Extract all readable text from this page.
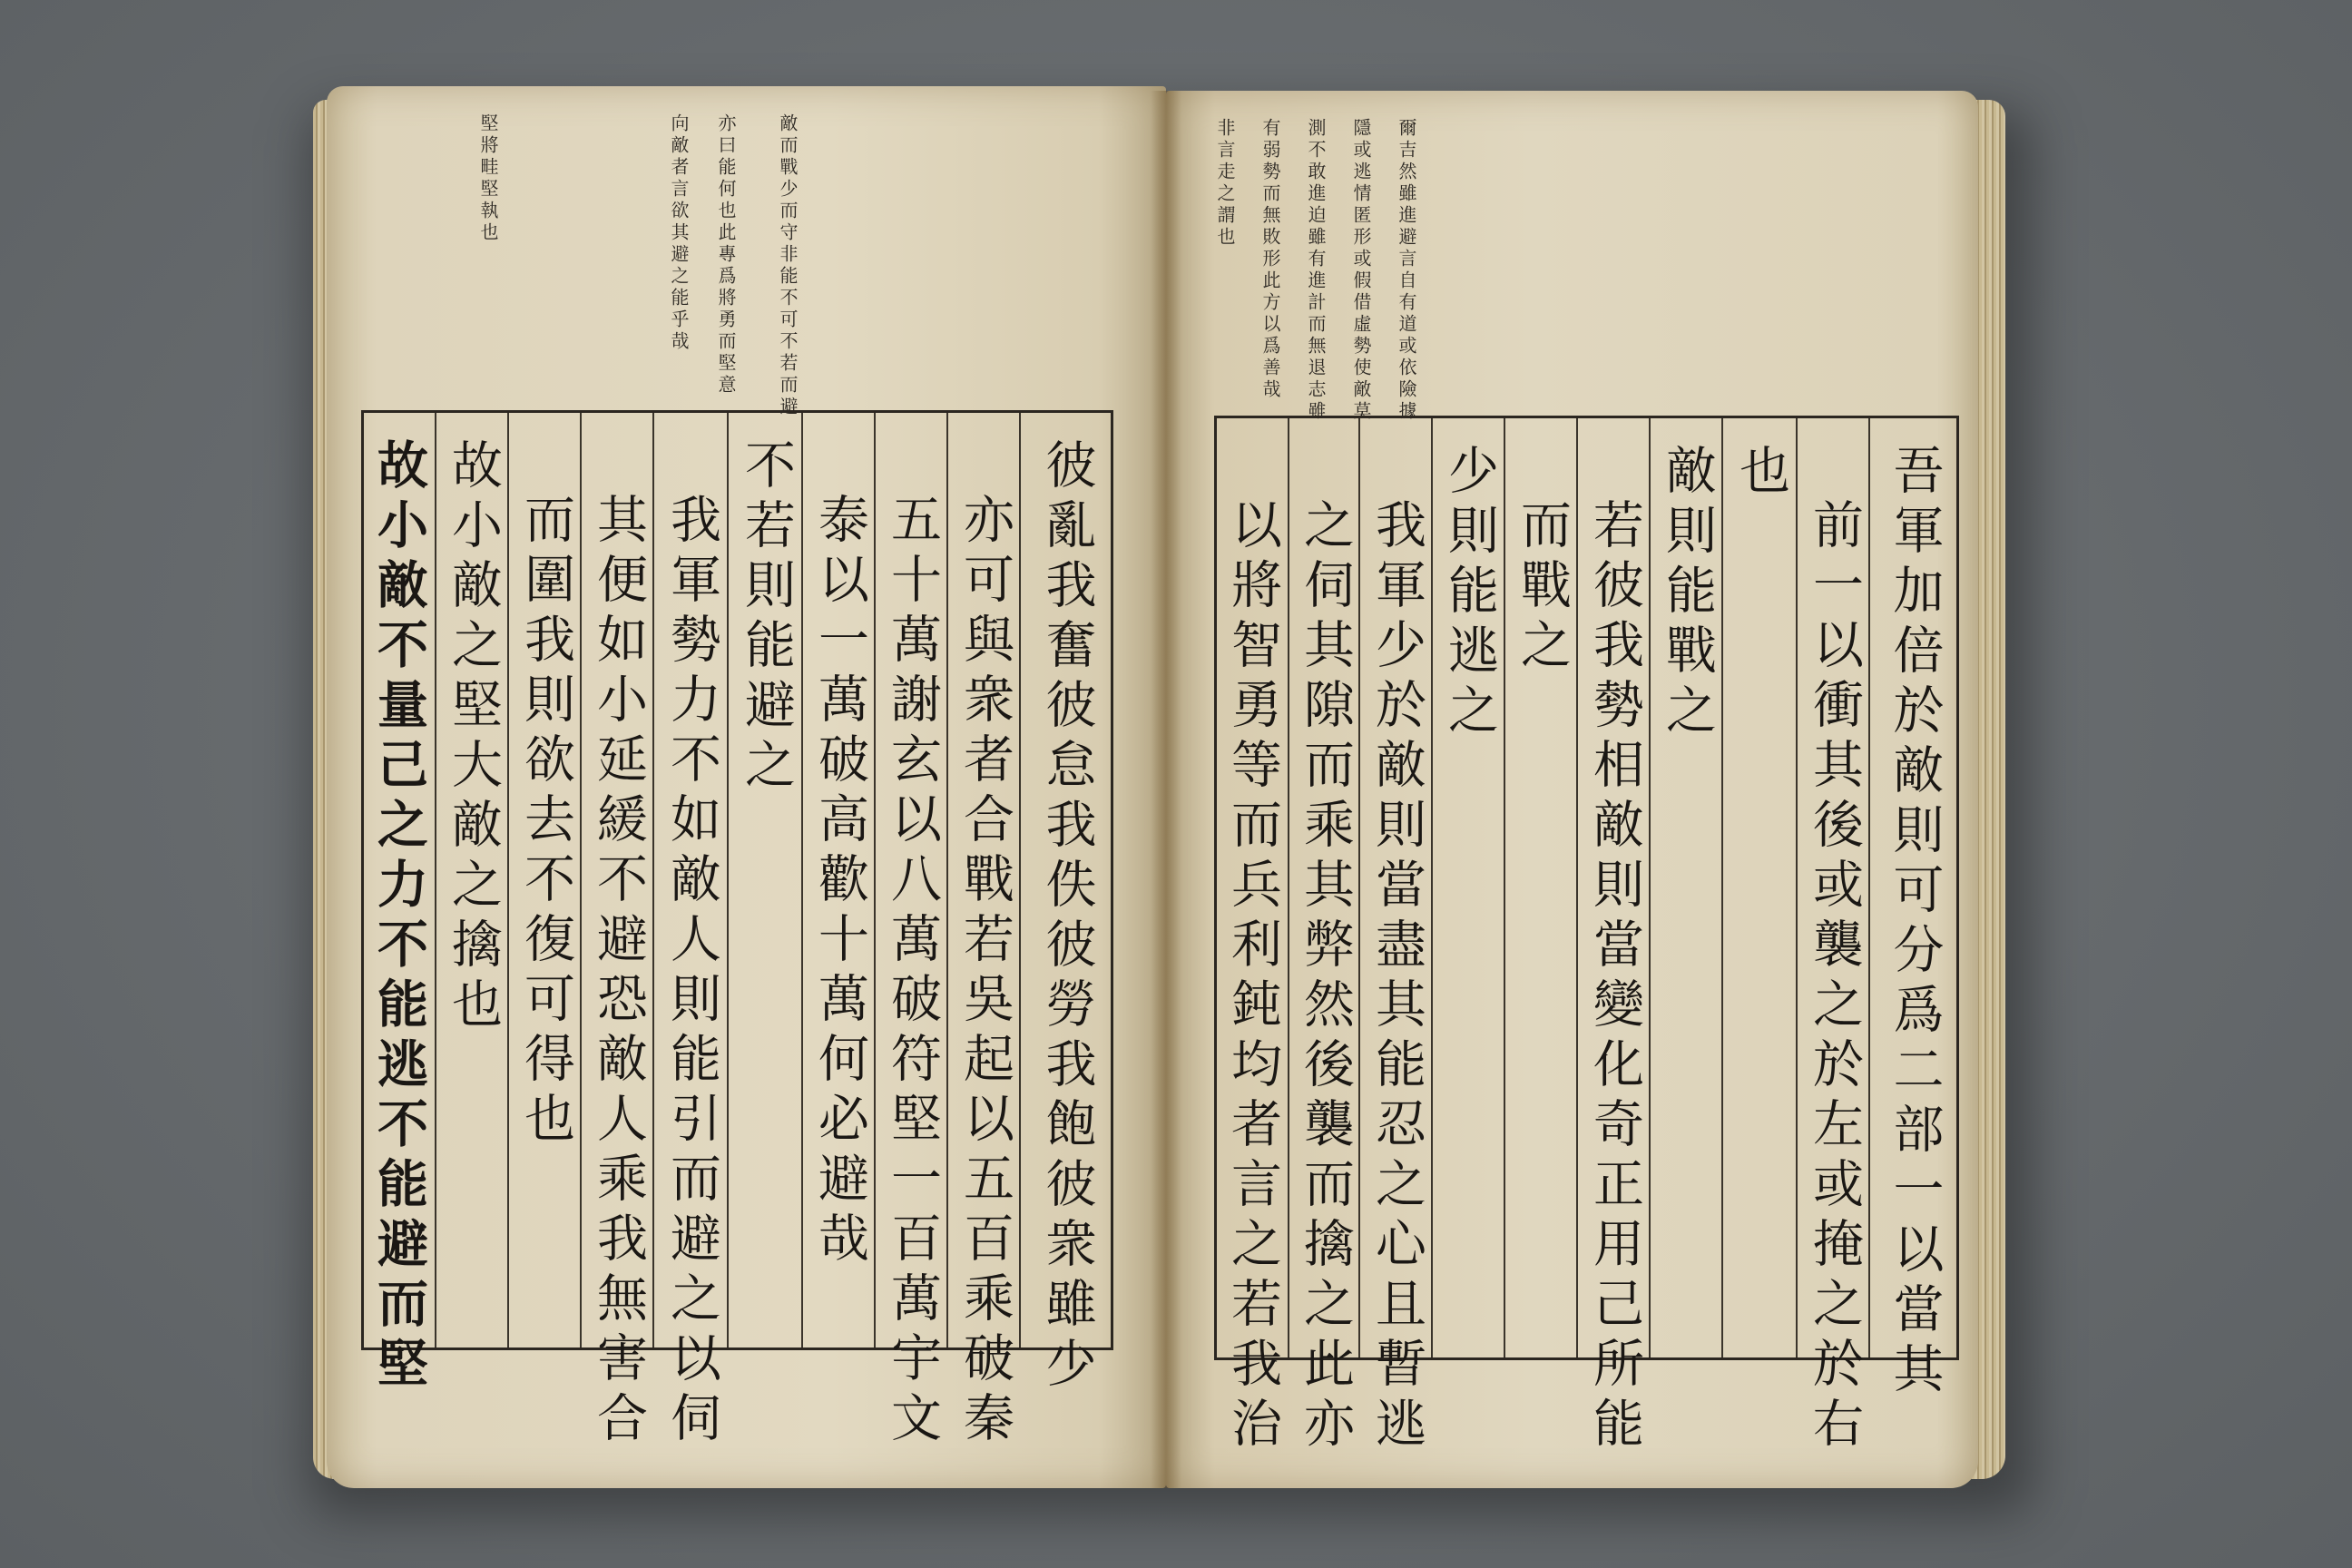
堅將畦堅執也	敵而戰少而守非能不可不若而避
亦曰能何也此專爲將勇而堅意
向敵者言欲其避之能乎哉	爾吉然雖進避言自有道或依險據
隱或逃情匿形或假借虛勢使敵莫
測不敢進迫雖有進計而無退志雖
有弱勢而無敗形此方以爲善哉
非言走之謂也
故小敵不量己之力不能逃不能避而堅 故小敵之堅大敵之擒也 而圍我則欲去不復可得也 其便如小延緩不避恐敵人乘我無害合 我軍勢力不如敵人則能引而避之以伺 不若則能避之 泰以一萬破高歡十萬何必避哉 五十萬謝玄以八萬破符堅一百萬宇文 亦可與衆者合戰若吳起以五百乘破秦 彼亂我奮彼怠我佚彼勞我飽彼衆雖少 以將智勇等而兵利鈍均者言之若我治 之伺其隙而乘其弊然後襲而擒之此亦 我軍少於敵則當盡其能忍之心且暫逃 少則能逃之 而戰之 若彼我勢相敵則當變化奇正用己所能 敵則能戰之 也
前一以衝其後或襲之於左或掩之於右 吾軍加倍於敵則可分爲二部一以當其
